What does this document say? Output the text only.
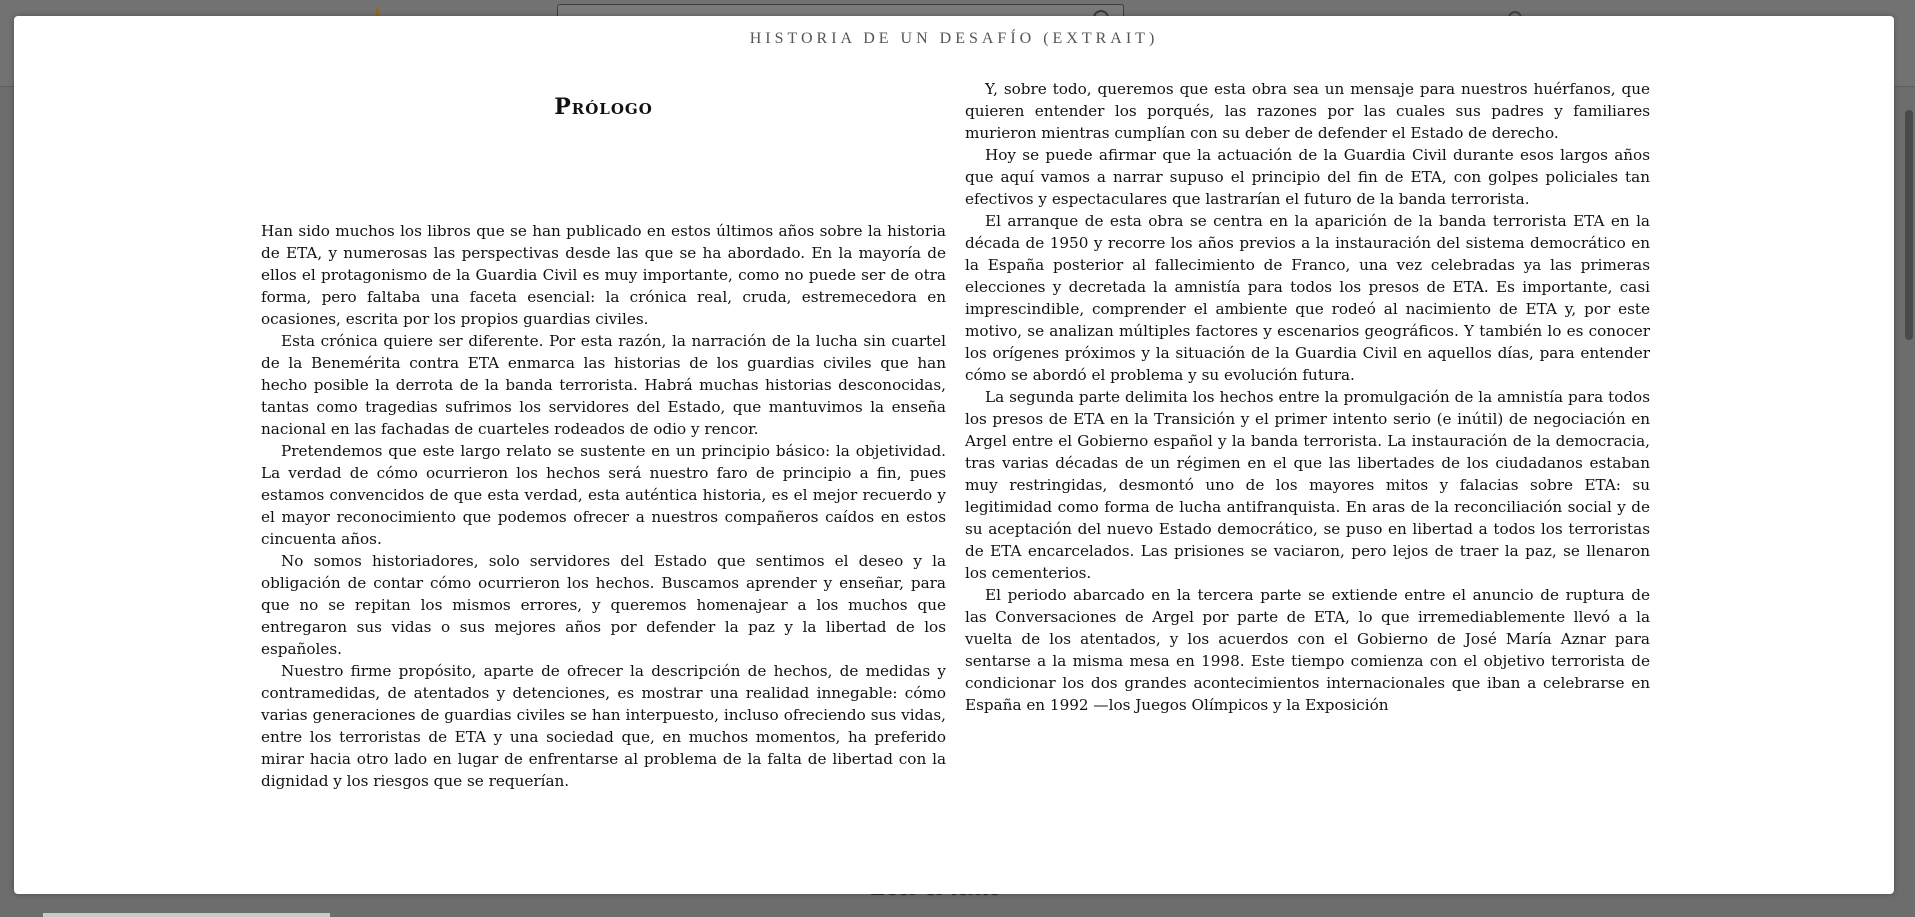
HISTORIA DE UN DESAFÍO (EXTRAIT)
Prólogo

Han sido muchos los libros que se han publicado en estos últimos años sobre la historia de ETA, y numerosas las perspectivas desde las que se ha abordado. En la mayoría de ellos el protagonismo de la Guardia Civil es muy importante, como no puede ser de otra forma, pero faltaba una faceta esencial: la crónica real, cruda, estremecedora en ocasiones, escrita por los propios guardias civiles.

Esta crónica quiere ser diferente. Por esta razón, la narración de la lucha sin cuartel de la Benemérita contra ETA enmarca las historias de los guardias civiles que han hecho posible la derrota de la banda terrorista. Habrá muchas historias desconocidas, tantas como tragedias sufrimos los servidores del Estado, que mantuvimos la enseña nacional en las fachadas de cuarteles rodeados de odio y rencor.

Pretendemos que este largo relato se sustente en un principio básico: la objetividad. La verdad de cómo ocurrieron los hechos será nuestro faro de principio a fin, pues estamos convencidos de que esta verdad, esta auténtica historia, es el mejor recuerdo y el mayor reconocimiento que podemos ofrecer a nuestros compañeros caídos en estos cincuenta años.

No somos historiadores, solo servidores del Estado que sentimos el deseo y la obligación de contar cómo ocurrieron los hechos. Buscamos aprender y enseñar, para que no se repitan los mismos errores, y queremos homenajear a los muchos que entregaron sus vidas o sus mejores años por defender la paz y la libertad de los españoles.

Nuestro firme propósito, aparte de ofrecer la descripción de hechos, de medidas y contramedidas, de atentados y detenciones, es mostrar una realidad innegable: cómo varias generaciones de guardias civiles se han interpuesto, incluso ofreciendo sus vidas, entre los terroristas de ETA y una sociedad que, en muchos momentos, ha preferido mirar hacia otro lado en lugar de enfrentarse al problema de la falta de libertad con la dignidad y los riesgos que se requerían.

Y, sobre todo, queremos que esta obra sea un mensaje para nuestros huérfanos, que quieren entender los porqués, las razones por las cuales sus padres y familiares murieron mientras cumplían con su deber de defender el Estado de derecho.

Hoy se puede afirmar que la actuación de la Guardia Civil durante esos largos años que aquí vamos a narrar supuso el principio del fin de ETA, con golpes policiales tan efectivos y espectaculares que lastrarían el futuro de la banda terrorista.

El arranque de esta obra se centra en la aparición de la banda terrorista ETA en la década de 1950 y recorre los años previos a la instauración del sistema democrático en la España posterior al fallecimiento de Franco, una vez celebradas ya las primeras elecciones y decretada la amnistía para todos los presos de ETA. Es importante, casi imprescindible, comprender el ambiente que rodeó al nacimiento de ETA y, por este motivo, se analizan múltiples factores y escenarios geográficos. Y también lo es conocer los orígenes próximos y la situación de la Guardia Civil en aquellos días, para entender cómo se abordó el problema y su evolución futura.

La segunda parte delimita los hechos entre la promulgación de la amnistía para todos los presos de ETA en la Transición y el primer intento serio (e inútil) de negociación en Argel entre el Gobierno español y la banda terrorista. La instauración de la democracia, tras varias décadas de un régimen en el que las libertades de los ciudadanos estaban muy restringidas, desmontó uno de los mayores mitos y falacias sobre ETA: su legitimidad como forma de lucha antifranquista. En aras de la reconciliación social y de su aceptación del nuevo Estado democrático, se puso en libertad a todos los terroristas de ETA encarcelados. Las prisiones se vaciaron, pero lejos de traer la paz, se llenaron los cementerios.

El periodo abarcado en la tercera parte se extiende entre el anuncio de ruptura de las Conversaciones de Argel por parte de ETA, lo que irremediablemente llevó a la vuelta de los atentados, y los acuerdos con el Gobierno de José María Aznar para sentarse a la misma mesa en 1998. Este tiempo comienza con el objetivo terrorista de condicionar los dos grandes acontecimientos internacionales que iban a celebrarse en España en 1992 —los Juegos Olímpicos y la Exposición
